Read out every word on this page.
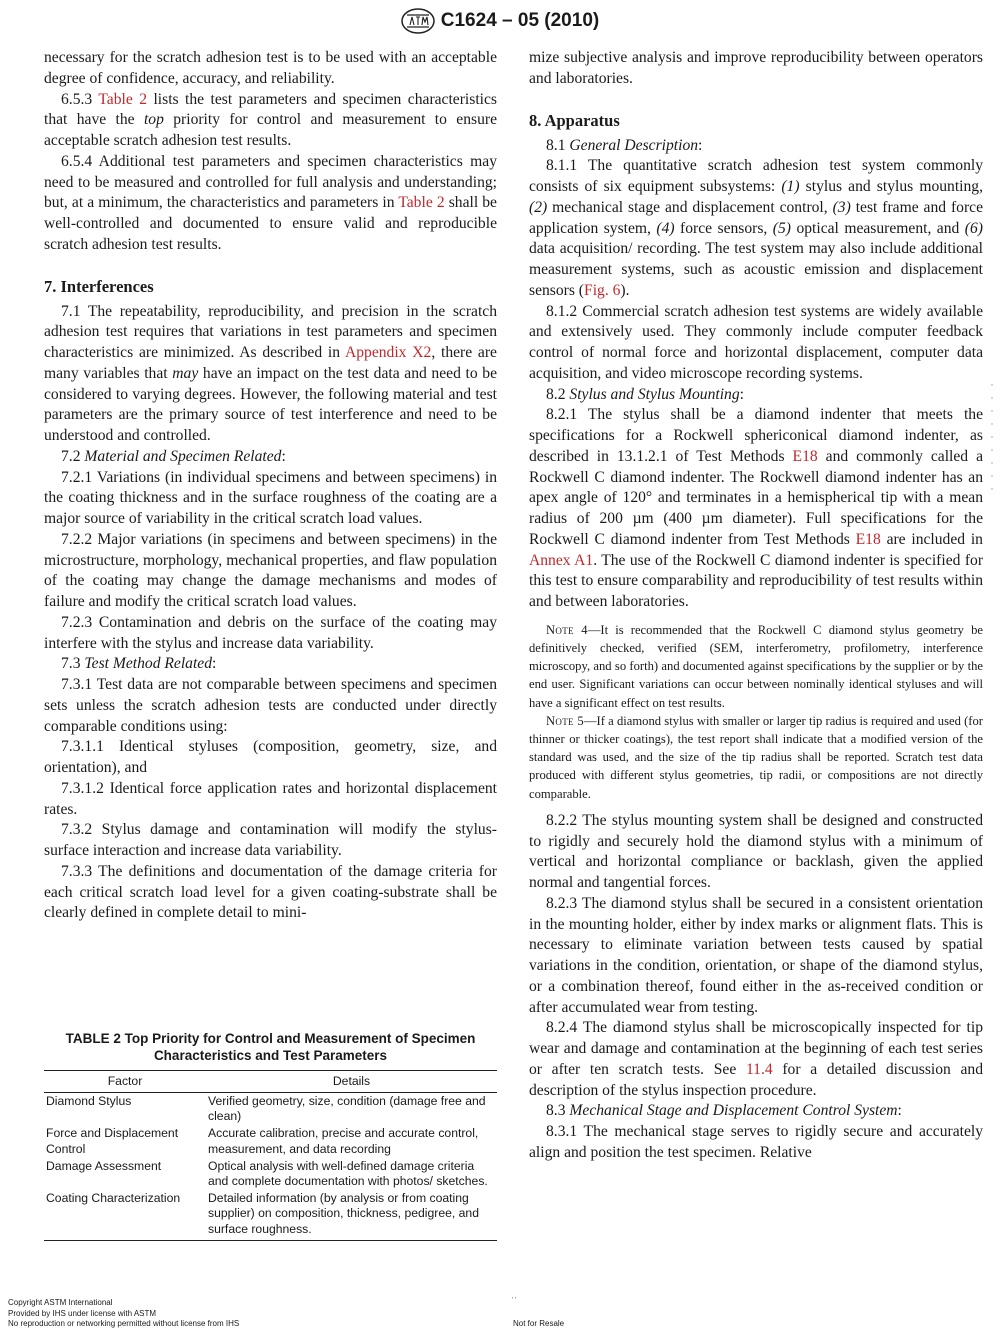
C1624 – 05 (2010)

necessary for the scratch adhesion test is to be used with an acceptable degree of confidence, accuracy, and reliability.

6.5.3 Table 2 lists the test parameters and specimen characteristics that have the top priority for control and measurement to ensure acceptable scratch adhesion test results.

6.5.4 Additional test parameters and specimen characteristics may need to be measured and controlled for full analysis and understanding; but, at a minimum, the characteristics and parameters in Table 2 shall be well-controlled and documented to ensure valid and reproducible scratch adhesion test results.

7. Interferences

7.1 The repeatability, reproducibility, and precision in the scratch adhesion test requires that variations in test parameters and specimen characteristics are minimized. As described in Appendix X2, there are many variables that may have an impact on the test data and need to be considered to varying degrees. However, the following material and test parameters are the primary source of test interference and need to be understood and controlled.

7.2 Material and Specimen Related:

7.2.1 Variations (in individual specimens and between specimens) in the coating thickness and in the surface roughness of the coating are a major source of variability in the critical scratch load values.

7.2.2 Major variations (in specimens and between specimens) in the microstructure, morphology, mechanical properties, and flaw population of the coating may change the damage mechanisms and modes of failure and modify the critical scratch load values.

7.2.3 Contamination and debris on the surface of the coating may interfere with the stylus and increase data variability.

7.3 Test Method Related:

7.3.1 Test data are not comparable between specimens and specimen sets unless the scratch adhesion tests are conducted under directly comparable conditions using:

7.3.1.1 Identical styluses (composition, geometry, size, and orientation), and

7.3.1.2 Identical force application rates and horizontal displacement rates.

7.3.2 Stylus damage and contamination will modify the stylus-surface interaction and increase data variability.

7.3.3 The definitions and documentation of the damage criteria for each critical scratch load level for a given coating-substrate shall be clearly defined in complete detail to mini-

TABLE 2 Top Priority for Control and Measurement of Specimen Characteristics and Test Parameters
Factor	Details
Diamond Stylus	Verified geometry, size, condition (damage free and clean)
Force and Displacement Control	Accurate calibration, precise and accurate control, measurement, and data recording
Damage Assessment	Optical analysis with well-defined damage criteria and complete documentation with photos/ sketches.
Coating Characterization	Detailed information (by analysis or from coating supplier) on composition, thickness, pedigree, and surface roughness.

mize subjective analysis and improve reproducibility between operators and laboratories.

8. Apparatus

8.1 General Description:

8.1.1 The quantitative scratch adhesion test system commonly consists of six equipment subsystems: (1) stylus and stylus mounting, (2) mechanical stage and displacement control, (3) test frame and force application system, (4) force sensors, (5) optical measurement, and (6) data acquisition/ recording. The test system may also include additional measurement systems, such as acoustic emission and displacement sensors (Fig. 6).

8.1.2 Commercial scratch adhesion test systems are widely available and extensively used. They commonly include computer feedback control of normal force and horizontal displacement, computer data acquisition, and video microscope recording systems.

8.2 Stylus and Stylus Mounting:

8.2.1 The stylus shall be a diamond indenter that meets the specifications for a Rockwell sphericonical diamond indenter, as described in 13.1.2.1 of Test Methods E18 and commonly called a Rockwell C diamond indenter. The Rockwell diamond indenter has an apex angle of 120° and terminates in a hemispherical tip with a mean radius of 200 µm (400 µm diameter). Full specifications for the Rockwell C diamond indenter from Test Methods E18 are included in Annex A1. The use of the Rockwell C diamond indenter is specified for this test to ensure comparability and reproducibility of test results within and between laboratories.

Note 4—It is recommended that the Rockwell C diamond stylus geometry be definitively checked, verified (SEM, interferometry, profilometry, interference microscopy, and so forth) and documented against specifications by the supplier or by the end user. Significant variations can occur between nominally identical styluses and will have a significant effect on test results.
Note 5—If a diamond stylus with smaller or larger tip radius is required and used (for thinner or thicker coatings), the test report shall indicate that a modified version of the standard was used, and the size of the tip radius shall be reported. Scratch test data produced with different stylus geometries, tip radii, or compositions are not directly comparable.

8.2.2 The stylus mounting system shall be designed and constructed to rigidly and securely hold the diamond stylus with a minimum of vertical and horizontal compliance or backlash, given the applied normal and tangential forces.

8.2.3 The diamond stylus shall be secured in a consistent orientation in the mounting holder, either by index marks or alignment flats. This is necessary to eliminate variation between tests caused by spatial variations in the condition, orientation, or shape of the diamond stylus, or a combination thereof, found either in the as-received condition or after accumulated wear from testing.

8.2.4 The diamond stylus shall be microscopically inspected for tip wear and damage and contamination at the beginning of each test series or after ten scratch tests. See 11.4 for a detailed discussion and description of the stylus inspection procedure.

8.3 Mechanical Stage and Displacement Control System:

8.3.1 The mechanical stage serves to rigidly secure and accurately align and position the test specimen. Relative

Copyright ASTM International
Provided by IHS under license with ASTM
No reproduction or networking permitted without license from IHS
' '
Not for Resale
